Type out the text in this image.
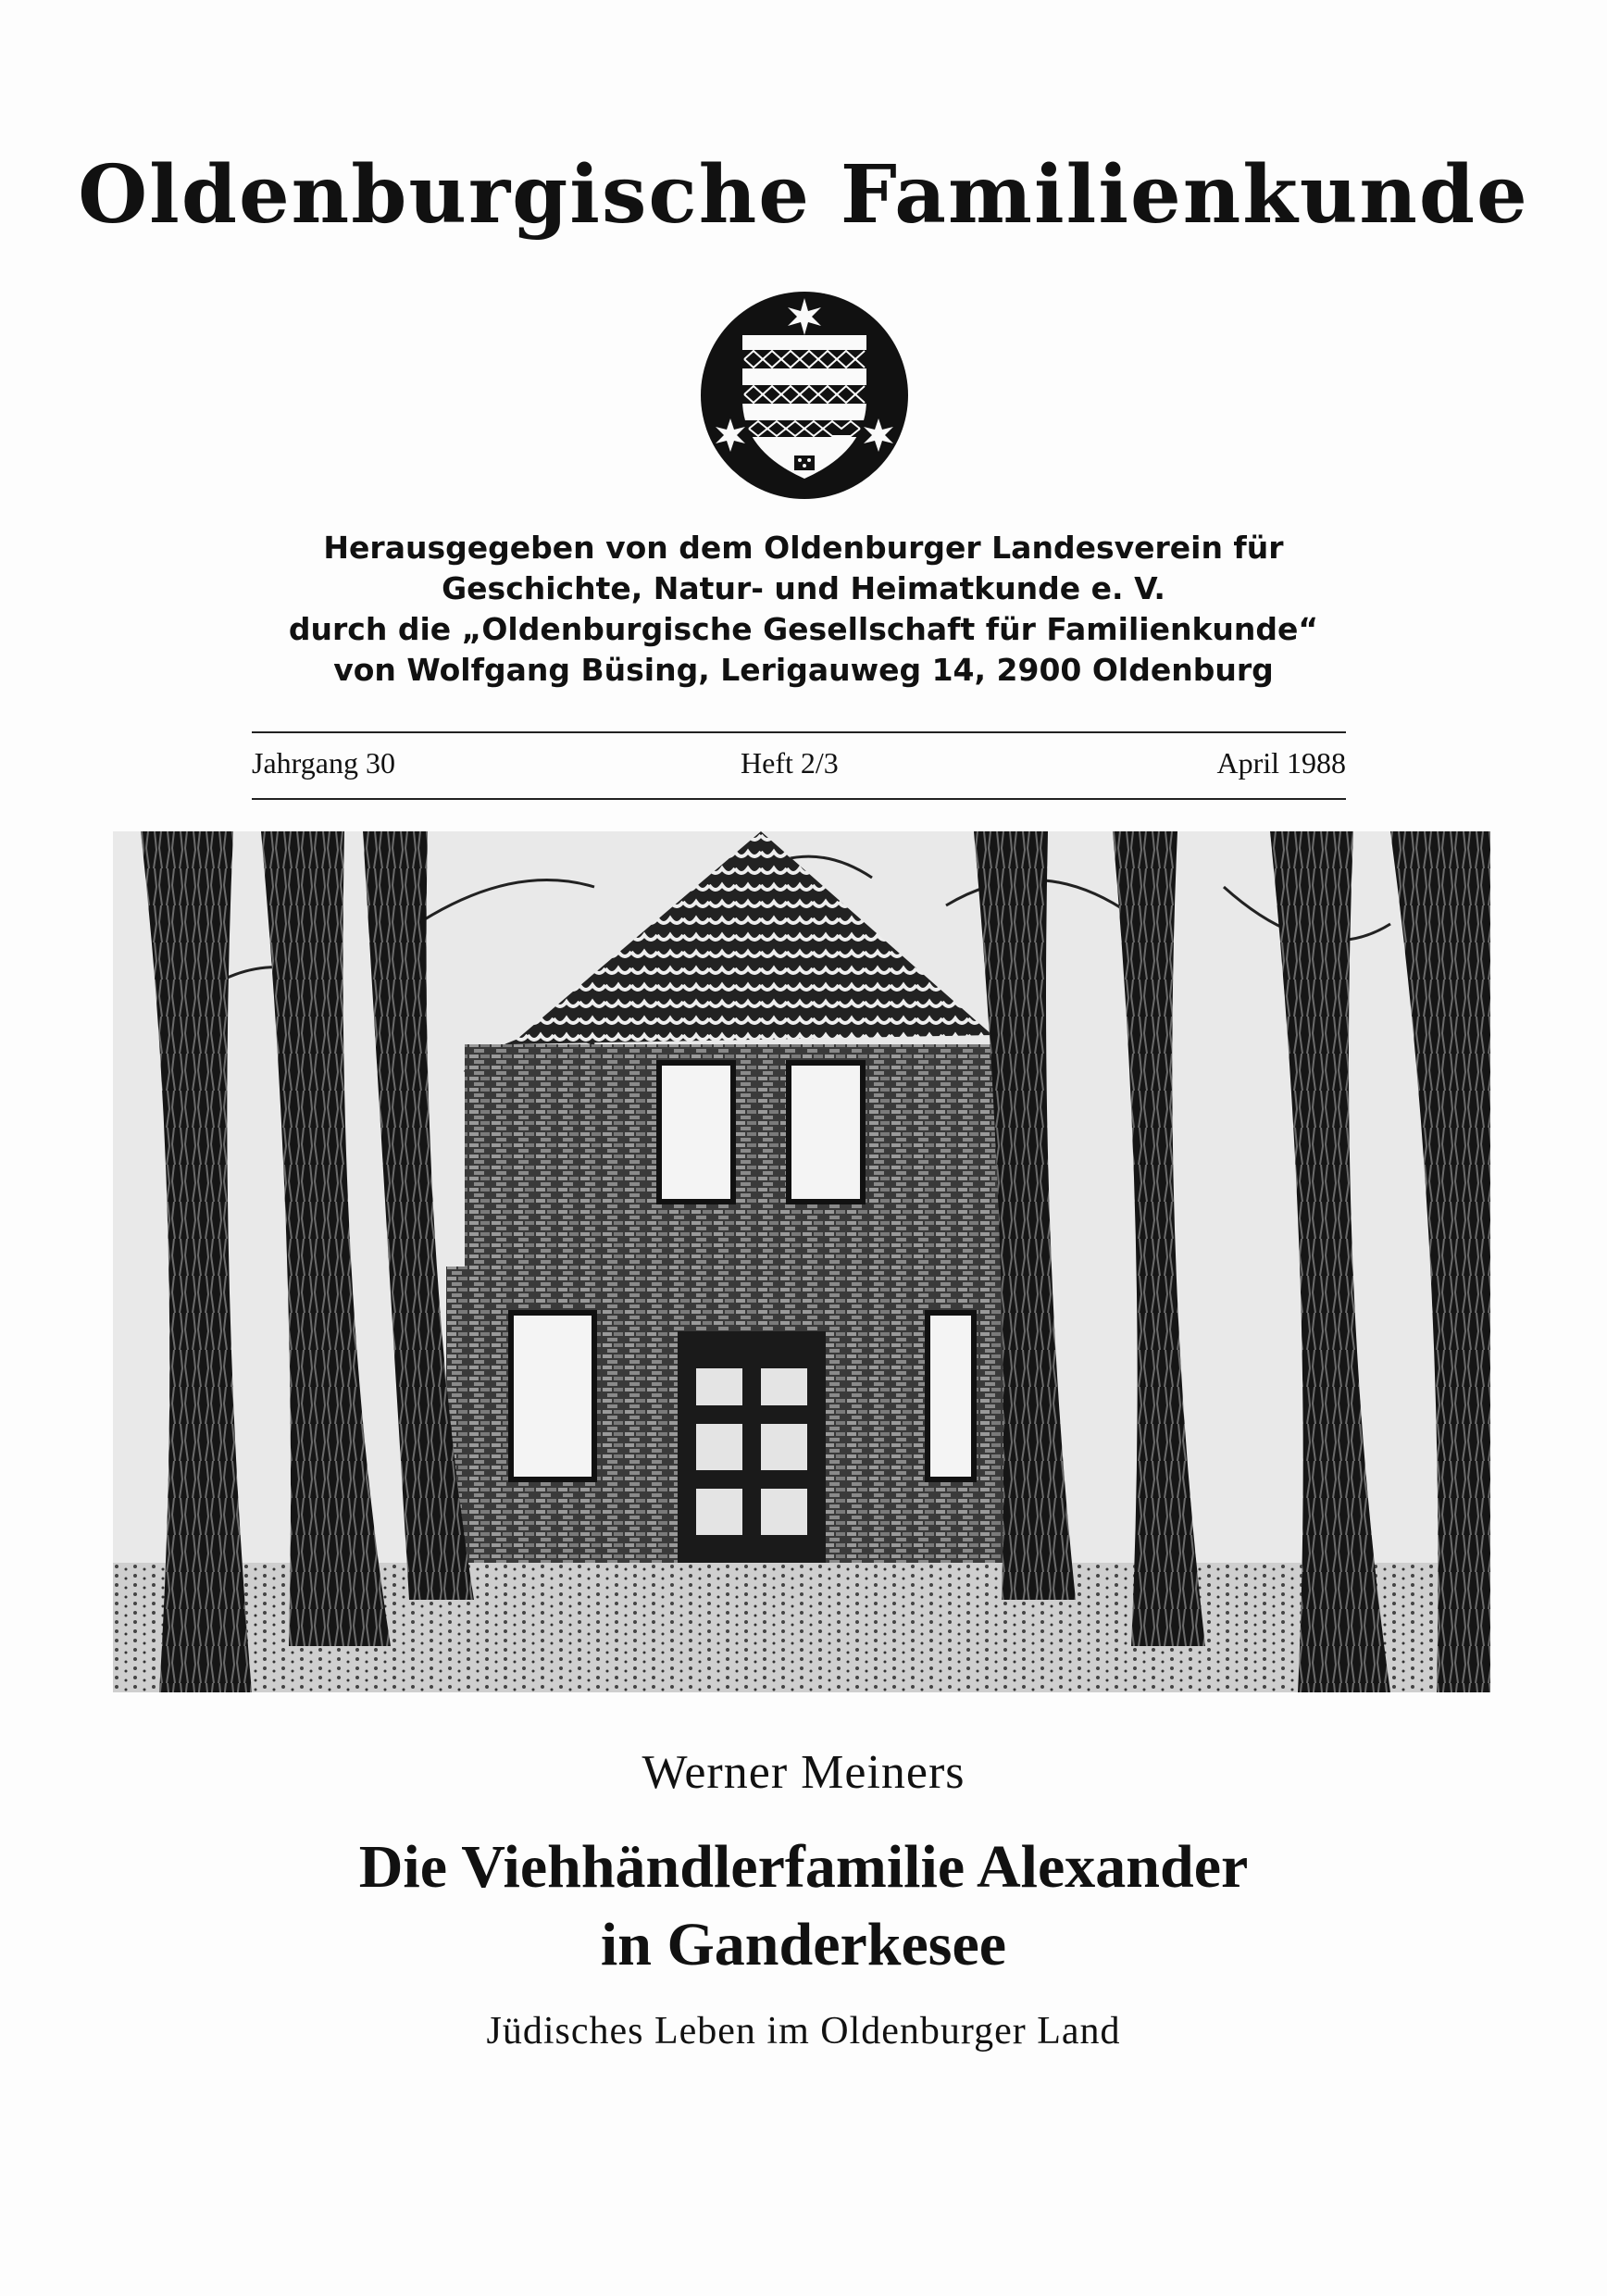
Oldenburgische Familienkunde
Herausgegeben von dem Oldenburger Landesverein für
Geschichte, Natur- und Heimatkunde e. V.
durch die „Oldenburgische Gesellschaft für Familienkunde“
von Wolfgang Büsing, Lerigauweg 14, 2900 Oldenburg
Jahrgang 30	Heft 2/3	April 1988
Werner Meiners
Die Viehhändlerfamilie Alexander
in Ganderkesee
Jüdisches Leben im Oldenburger Land
